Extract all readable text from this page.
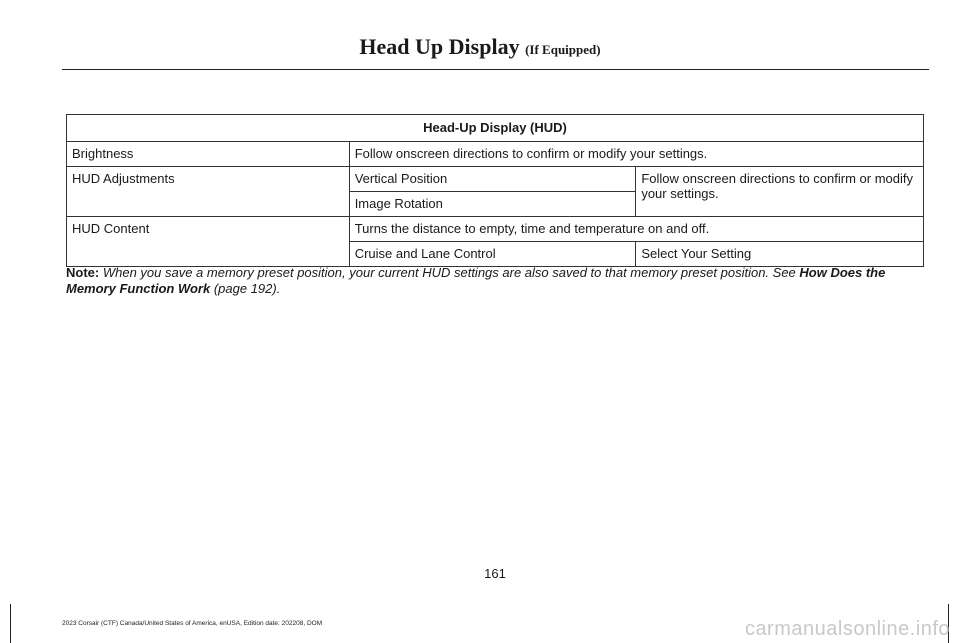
Head Up Display (If Equipped)
Head-Up Display (HUD)		
Brightness	Follow onscreen directions to confirm or modify your settings.	
HUD Adjustments	Vertical Position	Follow onscreen directions to confirm or modify your settings.
	Image Rotation	
HUD Content	Turns the distance to empty, time and temperature on and off.	
	Cruise and Lane Control	Select Your Setting
Note: When you save a memory preset position, your current HUD settings are also saved to that memory preset position. See How Does the Memory Function Work (page 192).
161
2023 Corsair (CTF) Canada/United States of America, enUSA, Edition date: 202208, DOM	carmanualsonline.info
